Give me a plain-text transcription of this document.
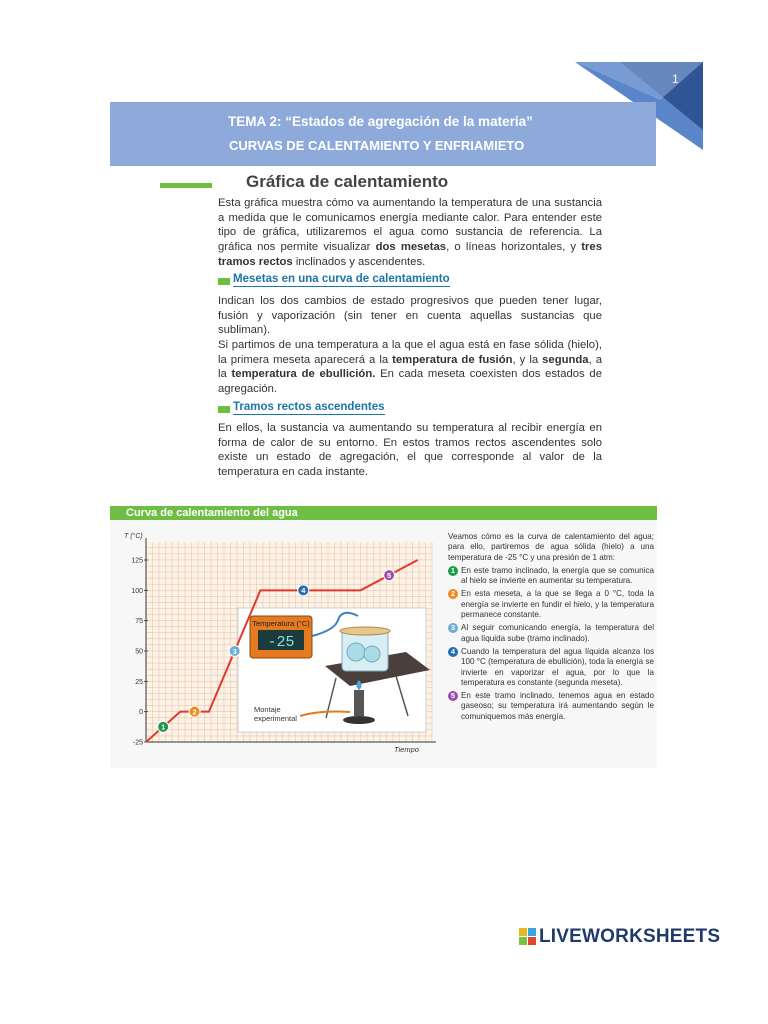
1
TEMA 2: “Estados de agregación de la materia”
CURVAS DE CALENTAMIENTO Y ENFRIAMIETO
Gráfica de calentamiento

Esta gráfica muestra cómo va aumentando la temperatura de una sustancia a medida que le comunicamos energía mediante calor. Para entender este tipo de gráfica, utilizaremos el agua como sustancia de referencia. La gráfica nos permite visualizar dos mesetas, o líneas horizontales, y tres tramos rectos inclinados y ascendentes.

Mesetas en una curva de calentamiento

Indican los dos cambios de estado progresivos que pueden tener lugar, fusión y vaporización (sin tener en cuenta aquellas sustancias que subliman).

Si partimos de una temperatura a la que el agua está en fase sólida (hielo), la primera meseta aparecerá a la temperatura de fusión, y la segunda, a la temperatura de ebullición. En cada meseta coexisten dos estados de agregación.

Tramos rectos ascendentes

En ellos, la sustancia va aumentando su temperatura al recibir energía en forma de calor de su entorno. En estos tramos rectos ascendentes solo existe un estado de agregación, el que corresponde al valor de la temperatura en cada instante.

Curva de calentamiento del agua
T (°C)
Tiempo
-25
0
25
50
75
100
125
Temperatura (°C)
-25
Montaje
experimental
1
2
3
4
5

Veamos cómo es la curva de calentamiento del agua; para ello, partiremos de agua sólida (hielo) a una temperatura de -25 °C y una presión de 1 atm:

1 En este tramo inclinado, la energía que se comunica al hielo se invierte en aumentar su temperatura.
2 En esta meseta, a la que se llega a 0 °C, toda la energía se invierte en fundir el hielo, y la temperatura permanece constante.
3 Al seguir comunicando energía, la temperatura del agua líquida sube (tramo inclinado).
4 Cuando la temperatura del agua líquida alcanza los 100 °C (temperatura de ebullición), toda la energía se invierte en vaporizar el agua, por lo que la temperatura es constante (segunda meseta).
5 En este tramo inclinado, tenemos agua en estado gaseoso; su temperatura irá aumentando según le comuniquemos más energía.
LIVEWORKSHEETS
